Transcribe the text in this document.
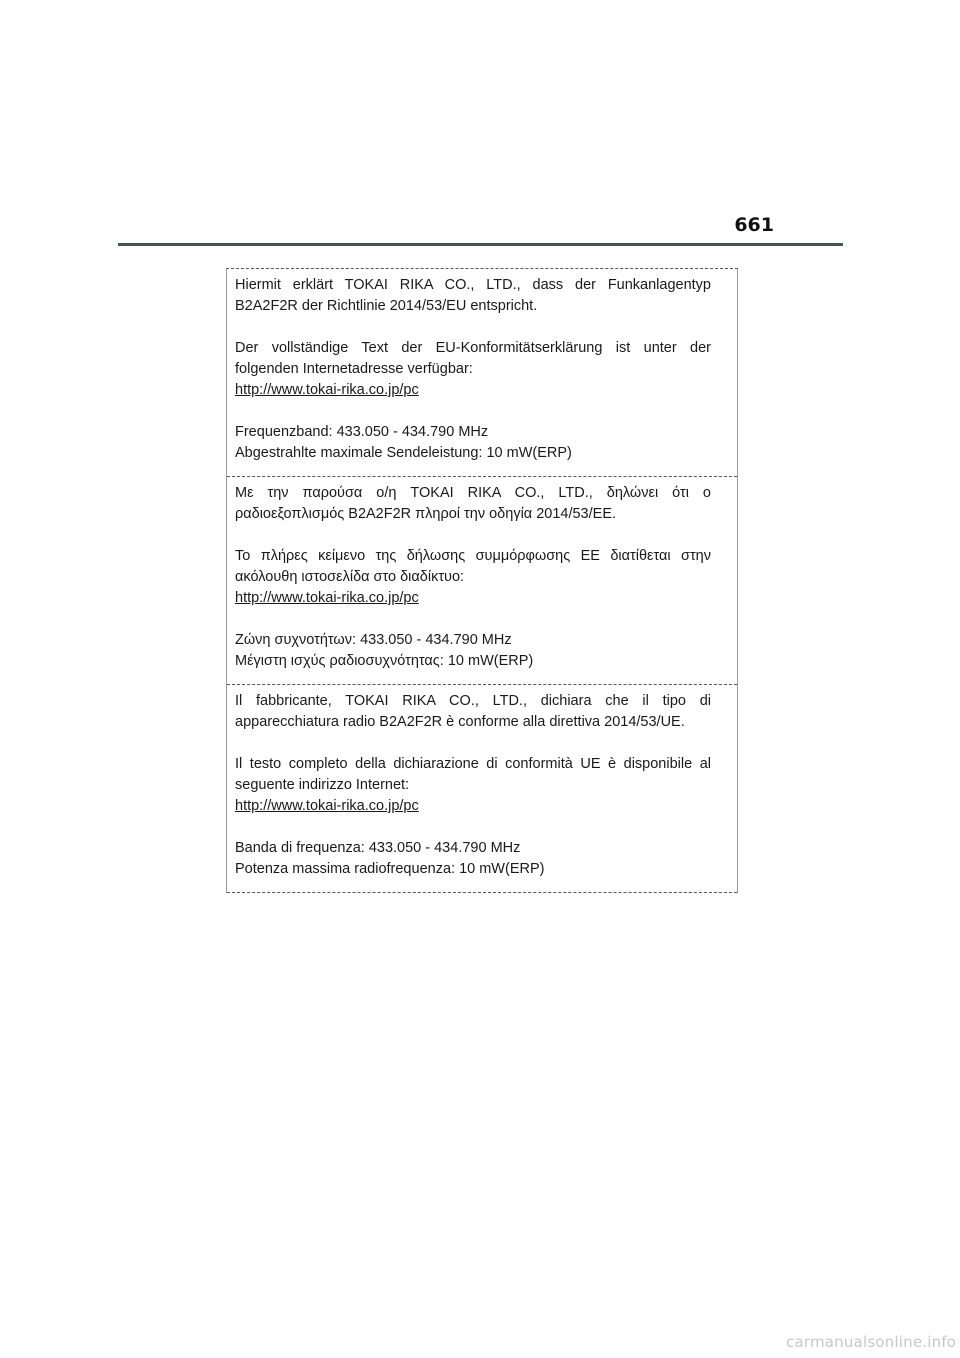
661

Hiermit erklärt TOKAI RIKA CO., LTD., dass der Funkanlagentyp B2A2F2R der Richtlinie 2014/53/EU entspricht.

Der vollständige Text der EU-Konformitätserklärung ist unter der folgenden Internetadresse verfügbar:

http://www.tokai-rika.co.jp/pc

Frequenzband: 433.050 - 434.790 MHz

Abgestrahlte maximale Sendeleistung: 10 mW(ERP)

Με την παρούσα ο/η TOKAI RIKA CO., LTD., δηλώνει ότι ο ραδιοεξοπλισμός B2A2F2R πληροί την οδηγία 2014/53/ΕΕ.

Το πλήρες κείμενο της δήλωσης συμμόρφωσης ΕΕ διατίθεται στην ακόλουθη ιστοσελίδα στο διαδίκτυο:

http://www.tokai-rika.co.jp/pc

Ζώνη συχνοτήτων: 433.050 - 434.790 MHz

Μέγιστη ισχύς ραδιοσυχνότητας: 10 mW(ERP)

Il fabbricante, TOKAI RIKA CO., LTD., dichiara che il tipo di apparecchiatura radio B2A2F2R è conforme alla direttiva 2014/53/UE.

Il testo completo della dichiarazione di conformità UE è disponibile al seguente indirizzo Internet:

http://www.tokai-rika.co.jp/pc

Banda di frequenza: 433.050 - 434.790 MHz

Potenza massima radiofrequenza: 10 mW(ERP)

carmanualsonline.info
